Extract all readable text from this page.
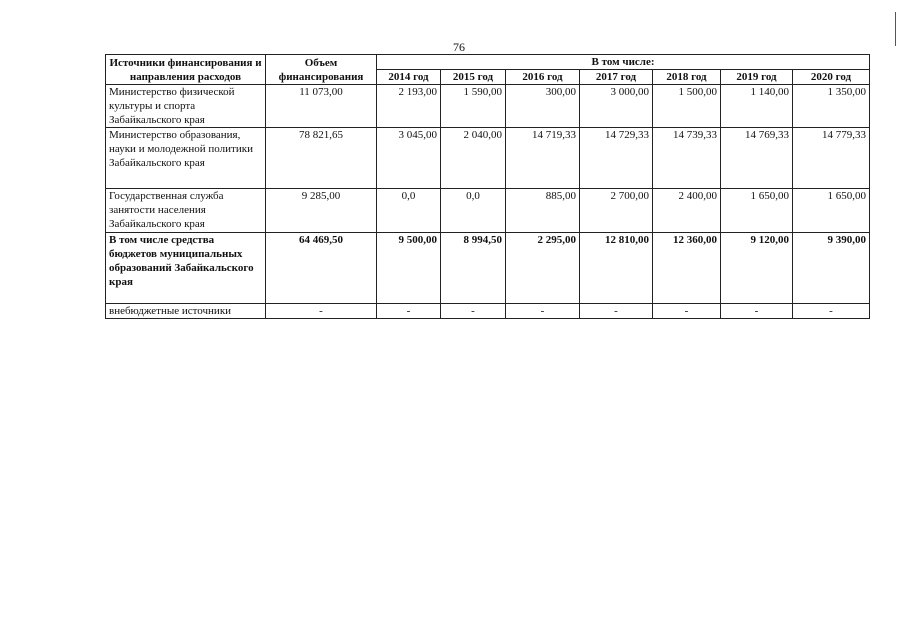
76
Источники финансирования и направления расходов	Объем финансирования	В том числе:						
		2014 год	2015 год	2016 год	2017 год	2018 год	2019 год	2020 год
Министерство физической культуры и спорта Забайкальского края	11 073,00	2 193,00	1 590,00	300,00	3 000,00	1 500,00	1 140,00	1 350,00
Министерство образования, науки и молодежной политики Забайкальского края	78 821,65	3 045,00	2 040,00	14 719,33	14 729,33	14 739,33	14 769,33	14 779,33
Государственная служба занятости населения Забайкальского края	9 285,00	0,0	0,0	885,00	2 700,00	2 400,00	1 650,00	1 650,00
В том числе средства бюджетов муниципальных образований Забайкальского края	64 469,50	9 500,00	8 994,50	2 295,00	12 810,00	12 360,00	9 120,00	9 390,00
внебюджетные источники	-	-	-	-	-	-	-	-
